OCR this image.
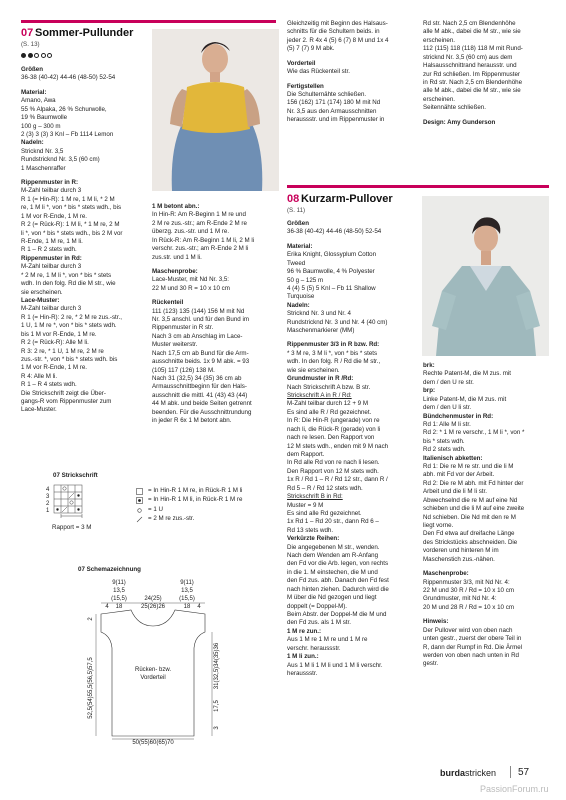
07 Sommer-Pullunder
(S. 13)
Größen
36-38 (40-42) 44-46 (48-50) 52-54
Material:
Amano, Awa
55 % Alpaka, 26 % Schurwolle,
19 % Baumwolle
100 g – 300 m
2 (3) 3 (3) 3 Knl – Fb 1114 Lemon
Nadeln:
Stricknd Nr. 3,5
Rundstricknd Nr. 3,5 (60 cm)
1 Maschenraffer
Rippenmuster in R:
M-Zahl teilbar durch 3
R 1 (= Hin-R): 1 M re, 1 M li, * 2 M
re, 1 M li *, von * bis * stets wdh., bis
1 M vor R-Ende, 1 M re.
R 2 (= Rück-R): 1 M li, * 1 M re, 2 M
li *, von * bis * stets wdh., bis 2 M vor
R-Ende, 1 M re, 1 M li.
R 1 – R 2 stets wdh.
Rippenmuster in Rd:
M-Zahl teilbar durch 3
* 2 M re, 1 M li *, von * bis * stets
wdh. In den folg. Rd die M str., wie
sie erscheinen.
Lace-Muster:
M-Zahl teilbar durch 3
R 1 (= Hin-R): 2 re, * 2 M re zus.-str.,
1 U, 1 M re *, von * bis * stets wdh.
bis 1 M vor R-Ende, 1 M re.
R 2 (= Rück-R): Alle M li.
R 3: 2 re, * 1 U, 1 M re, 2 M re
zus.-str. *, von * bis * stets wdh. bis
1 M vor R-Ende, 1 M re.
R 4: Alle M li.
R 1 – R 4 stets wdh.
Die Strickschrift zeigt die Über-
gangs-R vom Rippenmuster zum
Lace-Muster.
1 M betont abn.:
In Hin-R: Am R-Beginn 1 M re und
2 M re zus.-str.; am R-Ende 2 M re
überzg. zus.-str. und 1 M re.
In Rück-R: Am R-Beginn 1 M li, 2 M li
verschr. zus.-str.; am R-Ende 2 M li
zus.str. und 1 M li.
Maschenprobe:
Lace-Muster, mit Nd Nr. 3,5:
22 M und 30 R = 10 x 10 cm
Rückenteil
111 (123) 135 (144) 156 M mit Nd
Nr. 3,5 anschl. und für den Bund im
Rippenmuster in R str.
Nach 3 cm ab Anschlag im Lace-
Muster weiterstr.
Nach 17,5 cm ab Bund für die Arm-
ausschnitte beids. 1x 9 M abk. = 93
(105) 117 (126) 138 M.
Nach 31 (32,5) 34 (35) 36 cm ab
Armausschnittbeginn für den Hals-
ausschnitt die mittl. 41 (43) 43 (44)
44 M abk. und beide Seiten getrennt
beenden. Für die Ausschnittrundung
in jeder R 6x 1 M betont abn.
Gleichzeitig mit Beginn des Halsaus-
schnitts für die Schultern beids. in
jeder 2. R 4x 4 (5) 6 (7) 8 M und 1x 4
(5) 7 (7) 9 M abk.
Vorderteil
Wie das Rückenteil str.
Fertigstellen
Die Schulternähte schließen.
156 (162) 171 (174) 180 M mit Nd
Nr. 3,5 aus den Armausschnitten
heraussstr. und im Rippenmuster in
Rd str. Nach 2,5 cm Blendenhöhe
alle M abk., dabei die M str., wie sie
erscheinen.
112 (115) 118 (118) 118 M mit Rund-
stricknd Nr. 3,5 (60 cm) aus dem
Halsausschnittrand herausstr. und
zur Rd schließen. Im Rippenmuster
in Rd str. Nach 2,5 cm Blendenhöhe
alle M abk., dabei die M str., wie sie
erscheinen.
Seitennähte schließen.
Design: Amy Gunderson
08 Kurzarm-Pullover
(S. 11)
Größen
36-38 (40-42) 44-46 (48-50) 52-54
Material:
Erika Knight, Glossyplum Cotton
Tweed
96 % Baumwolle, 4 % Polyester
50 g – 125 m
4 (4) 5 (5) 5 Knl – Fb 11 Shallow
Turquoise
Nadeln:
Stricknd Nr. 3 und Nr. 4
Rundstricknd Nr. 3 und Nr. 4 (40 cm)
Maschenmarkierer (MM)
Rippenmuster 3/3 in R bzw. Rd:
* 3 M re, 3 M li *, von * bis * stets
wdh. In den folg. R / Rd die M str.,
wie sie erscheinen.
Grundmuster in R /Rd:
Nach Strickschrift A bzw. B str.
Strickschrift A in R / Rd:
M-Zahl teilbar durch 12 + 9 M
Es sind alle R / Rd gezeichnet.
In R: Die Hin-R (ungerade) von re
nach li, die Rück-R (gerade) von li
nach re lesen. Den Rapport von
12 M stets wdh., enden mit 9 M nach
dem Rapport.
In Rd alle Rd von re nach li lesen.
Den Rapport von 12 M stets wdh.
1x R / Rd 1 – R / Rd 12 str., dann R /
Rd 5 – R / Rd 12 stets wdh.
Strickschrift B in Rd:
Muster = 9 M
Es sind alle Rd gezeichnet.
1x Rd 1 – Rd 20 str., dann Rd 6 –
Rd 13 stets wdh.
Verkürzte Reihen:
Die angegebenen M str., wenden.
Nach dem Wenden am R-Anfang
den Fd vor die Arb. legen, von rechts
in die 1. M einstechen, die M und
den Fd zus. abh. Danach den Fd fest
nach hinten ziehen. Dadurch wird die
M über die Nd gezogen und liegt
doppelt (= Doppel-M).
Beim Abstr. der Doppel-M die M und
den Fd zus. als 1 M str.
1 M re zun.:
Aus 1 M re 1 M re und 1 M re
verschr. heraussstr.
1 M li zun.:
Aus 1 M li 1 M li und 1 M li verschr.
heraussstr.
brk:
Rechte Patent-M, die M zus. mit
dem / den U re str.
brp:
Linke Patent-M, die M zus. mit
dem / den U li str.
Bündchenmuster in Rd:
Rd 1: Alle M li str.
Rd 2: * 1 M re verschr., 1 M li *, von *
bis * stets wdh.
Rd 2 stets wdh.
Italienisch abketten:
Rd 1: Die re M re str. und die li M
abh. mit Fd vor der Arbeit.
Rd 2: Die re M abh. mit Fd hinter der
Arbeit und die li M li str.
Abwechselnd die re M auf eine Nd
schieben und die li M auf eine zweite
Nd schieben. Die Nd mit den re M
liegt vorne.
Den Fd etwa auf dreifache Länge
des Strickstücks abschneiden. Die
vorderen und hinteren M im
Maschenstich zus.-nähen.
Maschenprobe:
Rippenmuster 3/3, mit Nd Nr. 4:
22 M und 30 R / Rd = 10 x 10 cm
Grundmuster, mit Nd Nr. 4:
20 M und 28 R / Rd = 10 x 10 cm
Hinweis:
Der Pullover wird von oben nach
unten gestr., zuerst der obere Teil in
R, dann der Rumpf in Rd. Die Ärmel
werden von oben nach unten in Rd
gestr.
07 Strickschrift
4
3
2
1
Rapport = 3 M
= In Hin-R 1 M re, in Rück-R 1 M li
= In Hin-R 1 M li, in Rück-R 1 M re
= 1 U
= 2 M re zus.-str.
07 Schemazeichnung
9(11)
13,5
(15,5)
9(11)
13,5
(15,5)
24(25)
25(26)26
4 18	18 4
Rücken- bzw.
Vorderteil
50(55)60(65)70
52,5(54)55,5(56,5)57,5
2
31(32,5)34(35)36
17,5
3
burdastricken 57
PassionForum.ru
